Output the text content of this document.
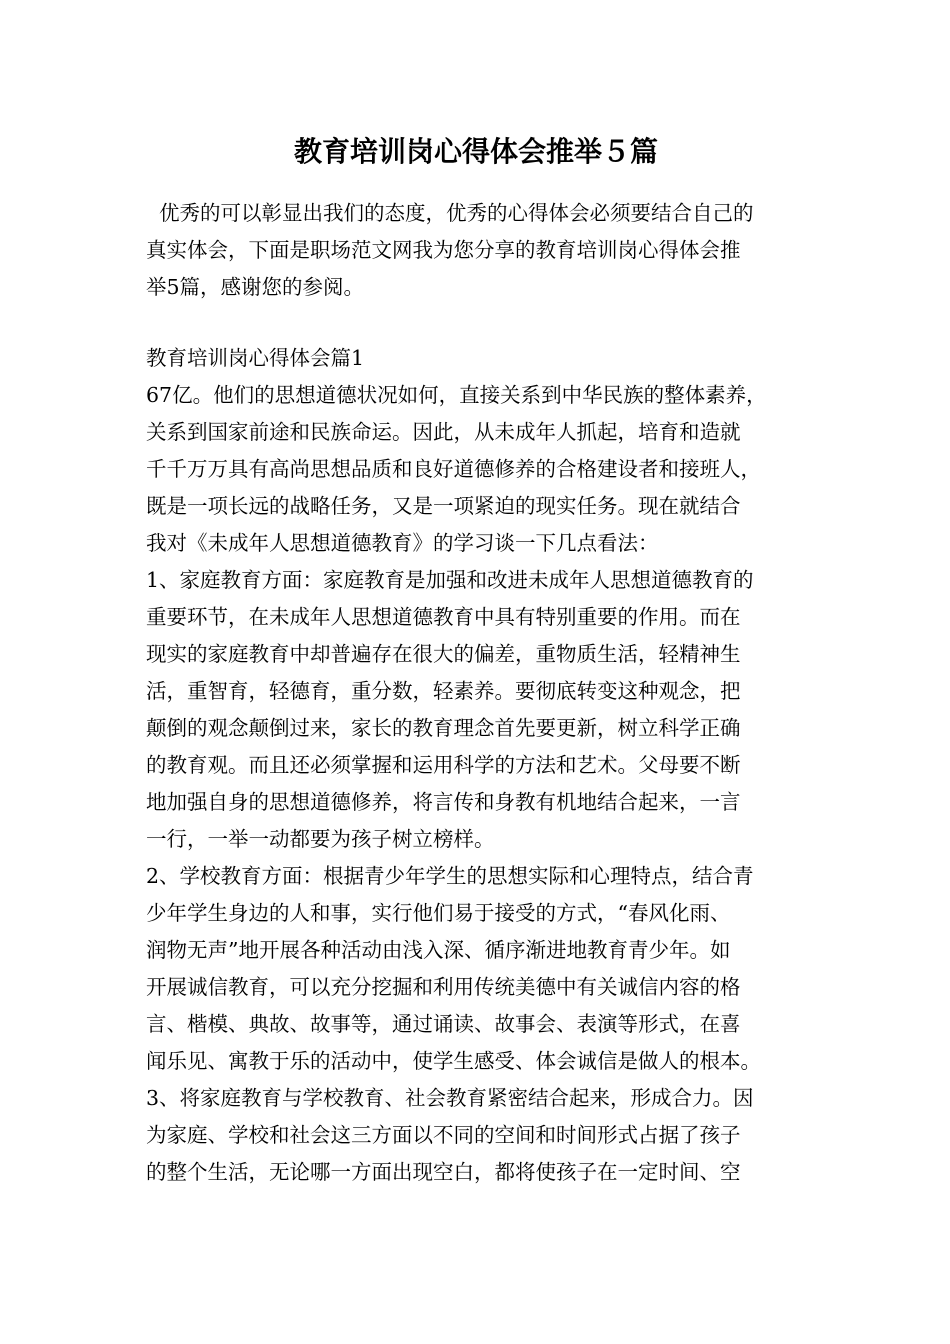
教育培训岗心得体会推举５篇
优秀的可以彰显出我们的态度，优秀的心得体会必须要结合自己的
真实体会，下面是职场范文网我为您分享的教育培训岗心得体会推
举5篇，感谢您的参阅。
教育培训岗心得体会篇1
67亿。他们的思想道德状况如何，直接关系到中华民族的整体素养，
关系到国家前途和民族命运。因此，从未成年人抓起，培育和造就
千千万万具有高尚思想品质和良好道德修养的合格建设者和接班人，
既是一项长远的战略任务，又是一项紧迫的现实任务。现在就结合
我对《未成年人思想道德教育》的学习谈一下几点看法：
1、家庭教育方面：家庭教育是加强和改进未成年人思想道德教育的
重要环节，在未成年人思想道德教育中具有特别重要的作用。而在
现实的家庭教育中却普遍存在很大的偏差，重物质生活，轻精神生
活，重智育，轻德育，重分数，轻素养。要彻底转变这种观念，把
颠倒的观念颠倒过来，家长的教育理念首先要更新，树立科学正确
的教育观。而且还必须掌握和运用科学的方法和艺术。父母要不断
地加强自身的思想道德修养，将言传和身教有机地结合起来，一言
一行，一举一动都要为孩子树立榜样。
2、学校教育方面：根据青少年学生的思想实际和心理特点，结合青
少年学生身边的人和事，实行他们易于接受的方式，“春风化雨、
润物无声”地开展各种活动由浅入深、循序渐进地教育青少年。如
开展诚信教育，可以充分挖掘和利用传统美德中有关诚信内容的格
言、楷模、典故、故事等，通过诵读、故事会、表演等形式，在喜
闻乐见、寓教于乐的活动中，使学生感受、体会诚信是做人的根本。
3、将家庭教育与学校教育、社会教育紧密结合起来，形成合力。因
为家庭、学校和社会这三方面以不同的空间和时间形式占据了孩子
的整个生活，无论哪一方面出现空白，都将使孩子在一定时间、空
